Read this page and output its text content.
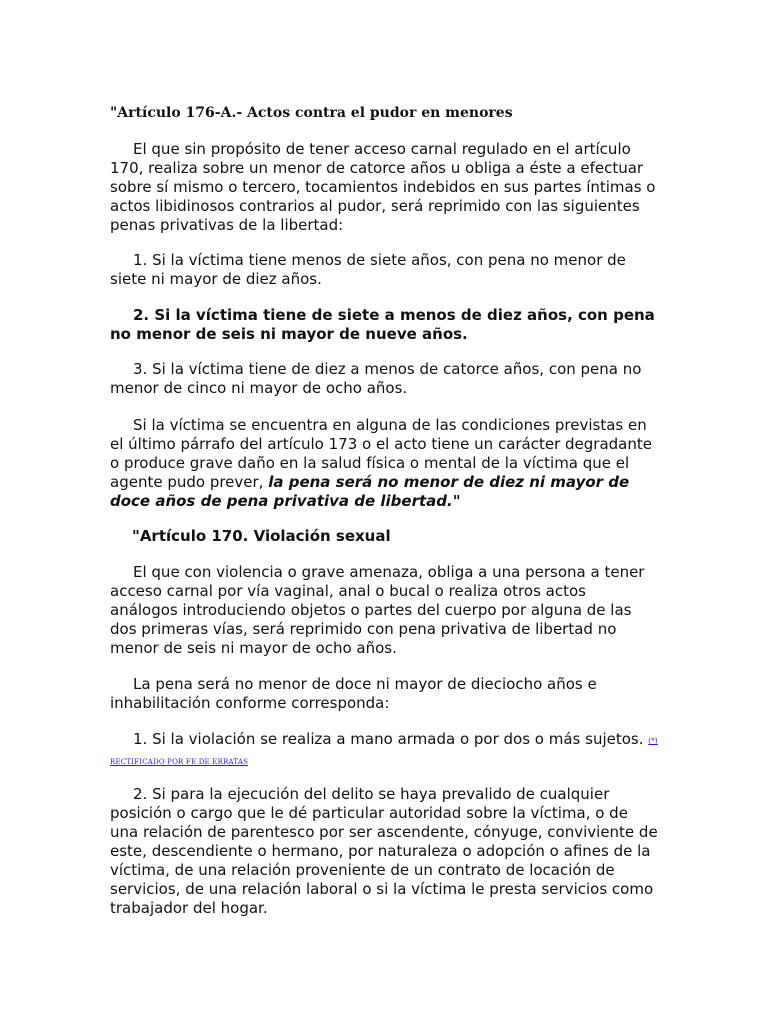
"Artículo 176-A.- Actos contra el pudor en menores

El que sin propósito de tener acceso carnal regulado en el artículo 170, realiza sobre un menor de catorce años u obliga a éste a efectuar sobre sí mismo o tercero, tocamientos indebidos en sus partes íntimas o actos libidinosos contrarios al pudor, será reprimido con las siguientes penas privativas de la libertad:

1. Si la víctima tiene menos de siete años, con pena no menor de siete ni mayor de diez años.

2. Si la víctima tiene de siete a menos de diez años, con pena no menor de seis ni mayor de nueve años.

3. Si la víctima tiene de diez a menos de catorce años, con pena no menor de cinco ni mayor de ocho años.

Si la víctima se encuentra en alguna de las condiciones previstas en el último párrafo del artículo 173 o el acto tiene un carácter degradante o produce grave daño en la salud física o mental de la víctima que el agente pudo prever, la pena será no menor de diez ni mayor de doce años de pena privativa de libertad."

"Artículo 170. Violación sexual

El que con violencia o grave amenaza, obliga a una persona a tener acceso carnal por vía vaginal, anal o bucal o realiza otros actos análogos introduciendo objetos o partes del cuerpo por alguna de las dos primeras vías, será reprimido con pena privativa de libertad no menor de seis ni mayor de ocho años.

La pena será no menor de doce ni mayor de dieciocho años e inhabilitación conforme corresponda:

1. Si la violación se realiza a mano armada o por dos o más sujetos. (*) RECTIFICADO POR FE DE ERRATAS

2. Si para la ejecución del delito se haya prevalido de cualquier posición o cargo que le dé particular autoridad sobre la víctima, o de una relación de parentesco por ser ascendente, cónyuge, conviviente de este, descendiente o hermano, por naturaleza o adopción o afines de la víctima, de una relación proveniente de un contrato de locación de servicios, de una relación laboral o si la víctima le presta servicios como trabajador del hogar.
